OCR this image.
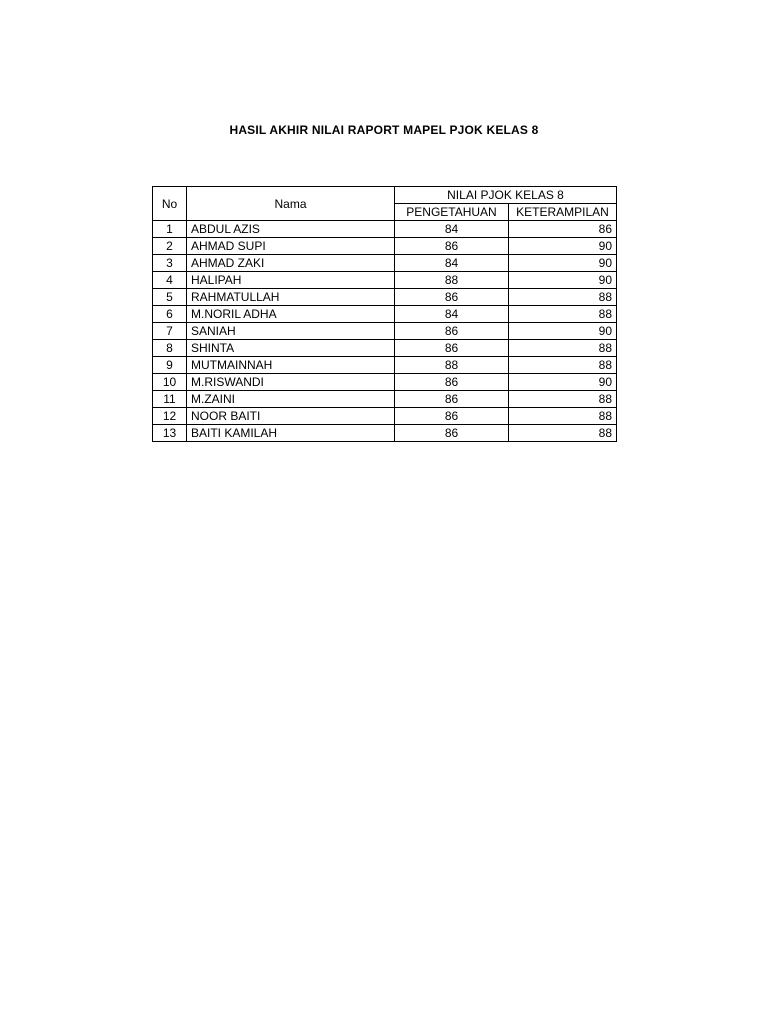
HASIL AKHIR NILAI RAPORT MAPEL PJOK KELAS 8
No	Nama	NILAI PJOK KELAS 8	
		PENGETAHUAN	KETERAMPILAN
1	ABDUL AZIS	84	86
2	AHMAD SUPI	86	90
3	AHMAD ZAKI	84	90
4	HALIPAH	88	90
5	RAHMATULLAH	86	88
6	M.NORIL ADHA	84	88
7	SANIAH	86	90
8	SHINTA	86	88
9	MUTMAINNAH	88	88
10	M.RISWANDI	86	90
11	M.ZAINI	86	88
12	NOOR BAITI	86	88
13	BAITI KAMILAH	86	88
